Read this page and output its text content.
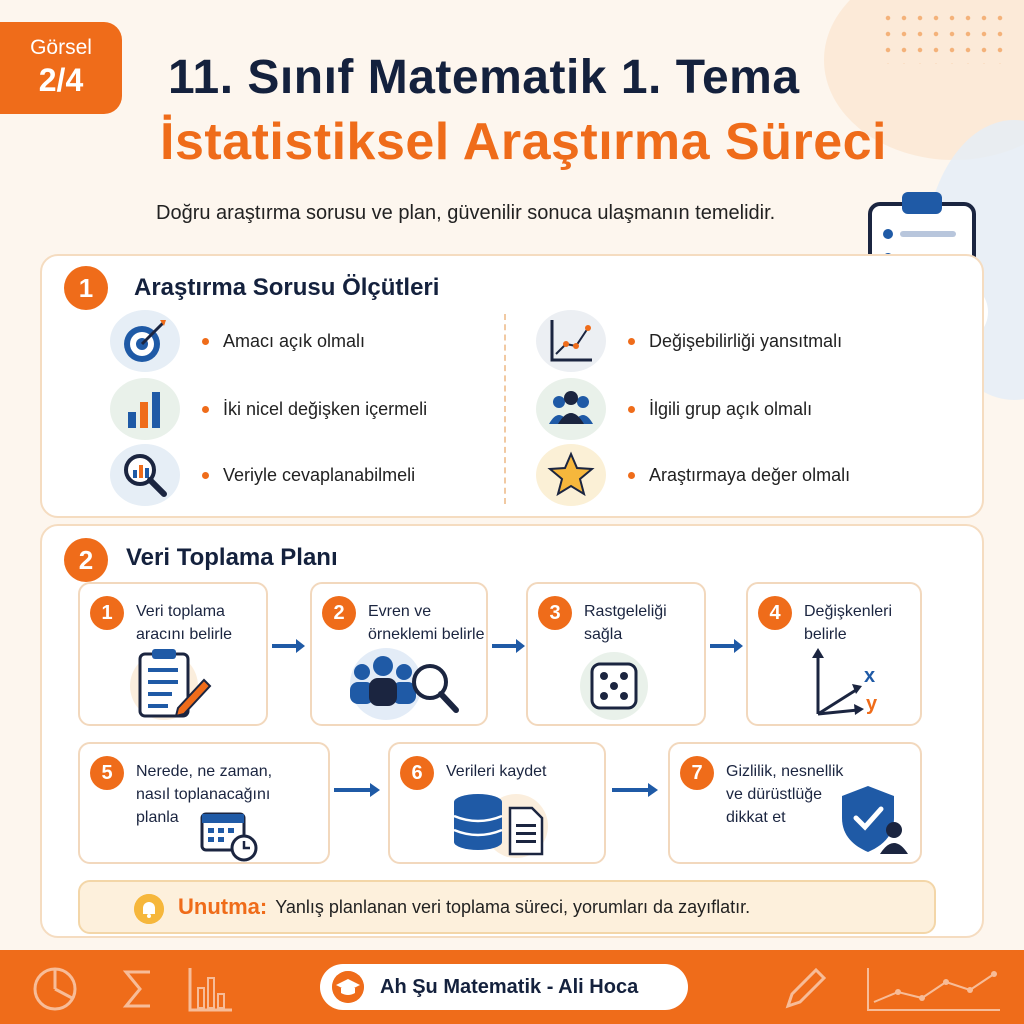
Görsel
2/4	11. Sınıf Matematik 1. Tema
İstatistiksel Araştırma Süreci
Doğru araştırma sorusu ve plan, güvenilir sonuca ulaşmanın temelidir.
1	Araştırma Sorusu Ölçütleri
Amacı açık olmalı
İki nicel değişken içermeli
Veriyle cevaplanabilmeli
Değişebilirliği yansıtmalı
İlgili grup açık olmalı
Araştırmaya değer olmalı
2	Veri Toplama Planı
1	Veri toplama
aracını belirle
2	Evren ve
örneklemi belirle
3	Rastgeleliği
sağla
4	Değişkenleri
belirle
x
y
5	Nerede, ne zaman,
nasıl toplanacağını
planla
6	Verileri kaydet	7	Gizlilik, nesnellik
ve dürüstlüğe
dikkat et
Unutma: Yanlış planlanan veri toplama süreci, yorumları da zayıflatır.
Ah Şu Matematik - Ali Hoca
